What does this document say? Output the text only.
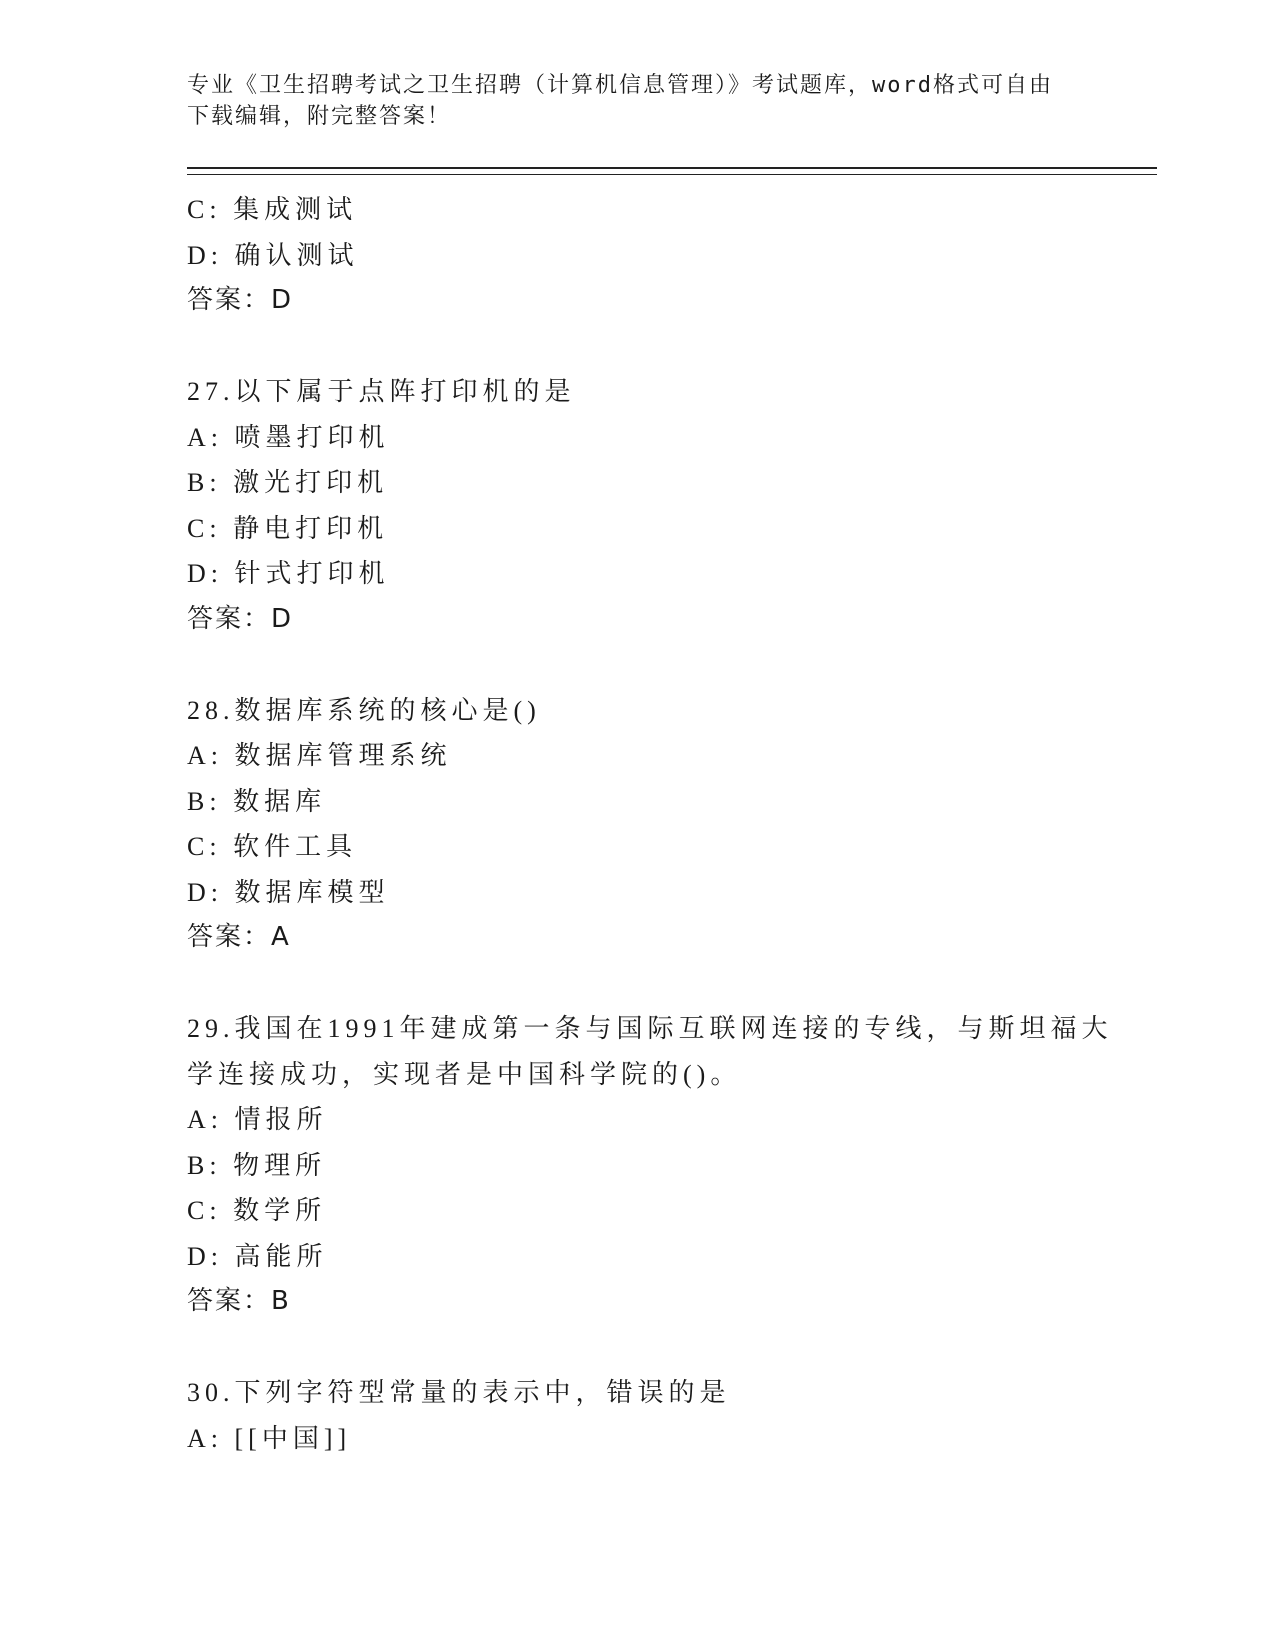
专业《卫生招聘考试之卫生招聘（计算机信息管理）》考试题库，word格式可自由下载编辑，附完整答案！

C: 集成测试
D: 确认测试
答案：D
27.以下属于点阵打印机的是
A: 喷墨打印机
B: 激光打印机
C: 静电打印机
D: 针式打印机
答案：D
28.数据库系统的核心是()
A: 数据库管理系统
B: 数据库
C: 软件工具
D: 数据库模型
答案：A
29.我国在1991年建成第一条与国际互联网连接的专线，与斯坦福大
学连接成功，实现者是中国科学院的()。
A: 情报所
B: 物理所
C: 数学所
D: 高能所
答案：B
30.下列字符型常量的表示中，错误的是
A: [[中国]]
